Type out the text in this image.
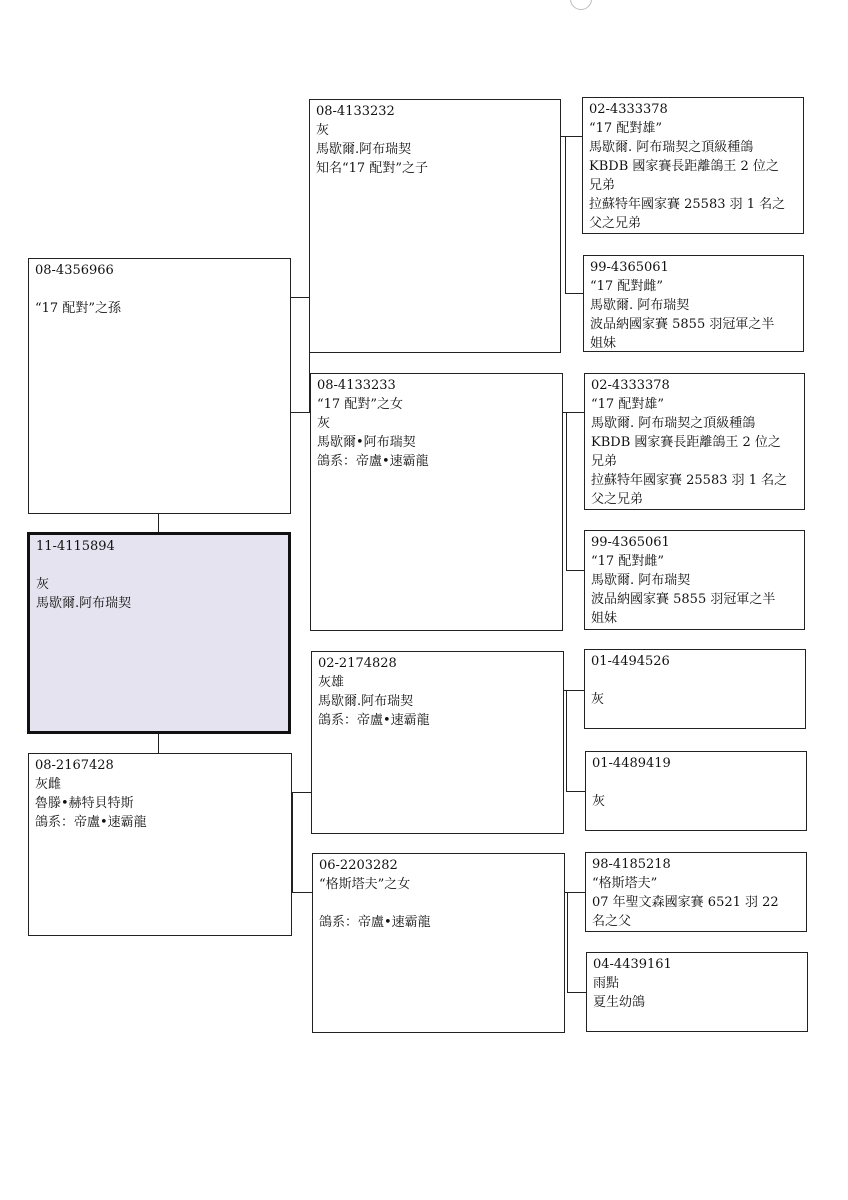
08-4356966
“17 配對”之孫
11-4115894
灰
馬歇爾.阿布瑞契
08-2167428
灰雌
魯滕•赫特貝特斯
鴿系：帝盧•速霸龍
08-4133232
灰
馬歇爾.阿布瑞契
知名“17 配對”之子
08-4133233
“17 配對”之女
灰
馬歇爾•阿布瑞契
鴿系：帝盧•速霸龍
02-2174828
灰雄
馬歇爾.阿布瑞契
鴿系：帝盧•速霸龍
06-2203282
“格斯塔夫”之女
鴿系：帝盧•速霸龍
02-4333378
“17 配對雄”
馬歇爾. 阿布瑞契之頂級種鴿
KBDB 國家賽長距離鴿王 2 位之
兄弟
拉蘇特年國家賽 25583 羽 1 名之
父之兄弟
99-4365061
“17 配對雌”
馬歇爾. 阿布瑞契
波品納國家賽 5855 羽冠軍之半
姐妹
02-4333378
“17 配對雄”
馬歇爾. 阿布瑞契之頂級種鴿
KBDB 國家賽長距離鴿王 2 位之
兄弟
拉蘇特年國家賽 25583 羽 1 名之
父之兄弟
99-4365061
“17 配對雌”
馬歇爾. 阿布瑞契
波品納國家賽 5855 羽冠軍之半
姐妹
01-4494526
灰
01-4489419
灰
98-4185218
“格斯塔夫”
07 年聖文森國家賽 6521 羽 22
名之父
04-4439161
雨點
夏生幼鴿
